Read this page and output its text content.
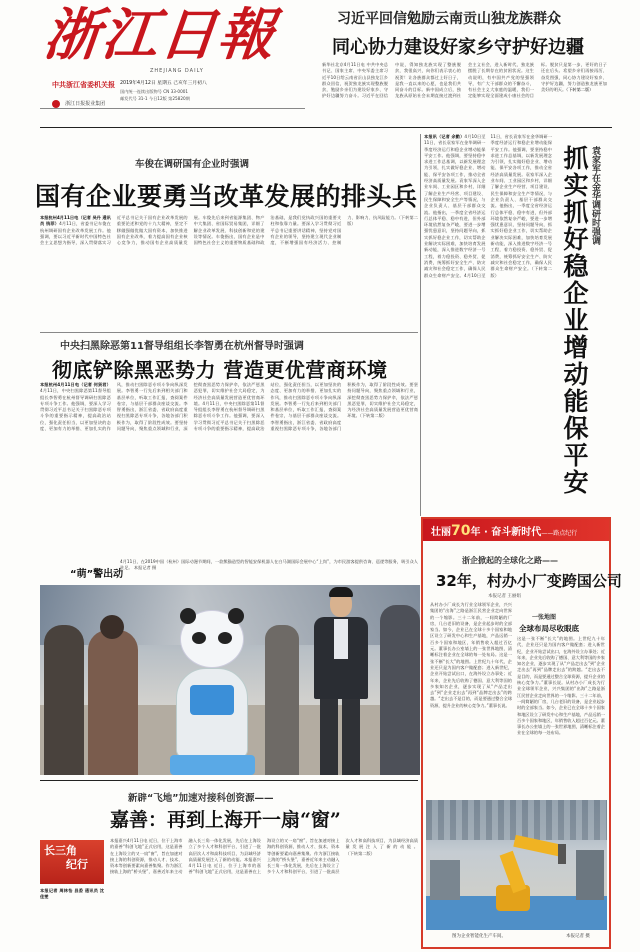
浙江日報
ZHEJIANG DAILY
中共浙江省委机关报
浙江日报报业集团
2019年4月12日 星期五 己亥年三月初八
国内统一连续出版物号 CN 33-0001
邮发代号 31-1 今日12版 第25820期
习近平回信勉励云南贡山独龙族群众
同心协力建设好家乡守护好边疆
新华社北京4月11日电 中共中央总书记、国家主席、中央军委主席习近平10日给云南省贡山县独龙江乡群众回信，祝贺独龙族实现整族脱贫，勉励乡亲们为建设好家乡、守护好边疆努力奋斗。习近平在回信中说，得知独龙族实现了整族脱贫，我很高兴，向你们表示衷心的祝贺！让各族群众都过上好日子，是我一直以来的心愿，也是我们共同奋斗的目标。新中国成立后，独龙族从原始社会末期直接过渡到社会主义社会，进入新时代，独龙族摆脱了长期存在的贫困状况。这生动说明，有中国共产党的坚强领导，有广大干部群众的不懈奋斗，有社会主义大家庭的温暖，我们一定能够实现全面建成小康社会的目标。脱贫只是第一步，更好的日子还在后头。希望乡亲们再接再厉、奋发图强，同心协力建设好家乡、守护好边疆，努力创造独龙族更加美好的明天。（下转第二版）
车俊在调研国有企业时强调
国有企业要勇当改革发展的排头兵
本报杭州4月11日电（记者 吴丹 通讯员 钱菲）4月11日，省委书记车俊在杭州调研国有企业改革发展工作。他强调，要以习近平新时代中国特色社会主义思想为指导，深入贯彻落实习近平总书记关于国有企业改革发展的重要论述和党的十九大精神，坚定不移做强做优做大国有资本，加快推进国有企业改革，着力提高国有企业核心竞争力，推动国有企业高质量发展。车俊先后来到省能源集团、物产中大集团、省国际贸易集团，详细了解企业改革发展、科技创新和党的建设等情况。车俊指出，国有企业是中国特色社会主义的重要物质基础和政治基础，是我们党执政兴国的重要支柱和依靠力量。要深入学习贯彻习近平总书记重要讲话精神，坚持党对国有企业的领导，坚持建立现代企业制度，不断增强国有经济活力、控制力、影响力、抗风险能力。（下转第二版）	袁家军在金华调研时强调
抓实抓好稳企业增动能保平安
本报讯（记者 余勤）4月10日至11日，省长袁家军在金华调研一季度经济运行和稳企业增动能保平安工作。他强调，要坚持稳中求进工作总基调，以新发展理念为引领，扎实做好稳企业、增动能、保平安各项工作，推动全省经济高质量发展。袁家军深入企业车间、工业园区和乡村，详细了解企业生产经营、项目建设、民生保障和安全生产等情况，与企业负责人、基层干部群众交流。他指出，一季度全省经济运行总体平稳、稳中有进，但外部环境依然复杂严峻，要进一步增强忧患意识，坚持问题导向，抓实抓好稳企业工作，切实帮助企业解决实际困难，加快培育发展新动能，深入推进数字经济一号工程，着力稳投资、稳外贸、促消费，统筹抓好安全生产、防灾减灾和社会稳定工作，确保人民群众生命财产安全。4月10日至11日，省长袁家军在金华调研一季度经济运行和稳企业增动能保平安工作。他强调，要坚持稳中求进工作总基调，以新发展理念为引领，扎实做好稳企业、增动能、保平安各项工作，推动全省经济高质量发展。袁家军深入企业车间、工业园区和乡村，详细了解企业生产经营、项目建设、民生保障和安全生产等情况，与企业负责人、基层干部群众交流。他指出，一季度全省经济运行总体平稳、稳中有进，但外部环境依然复杂严峻，要进一步增强忧患意识，坚持问题导向，抓实抓好稳企业工作，切实帮助企业解决实际困难，加快培育发展新动能，深入推进数字经济一号工程，着力稳投资、稳外贸、促消费，统筹抓好安全生产、防灾减灾和社会稳定工作，确保人民群众生命财产安全。（下转第二版）
中央扫黑除恶第11督导组组长李智勇在杭州督导时强调
彻底铲除黑恶势力 营造更优营商环境
本报杭州4月11日电（记者 何贤君）4月11日，中央扫黑除恶第11督导组组长李智勇在杭州督导调研扫黑除恶专项斗争工作。他强调，要深入学习贯彻习近平总书记关于扫黑除恶专项斗争的重要指示精神，提高政治站位，强化责任担当，以更加坚决的态度、更加有力的举措、更加扎实的作风，推动扫黑除恶专项斗争向纵深发展。李智勇一行先后来到相关部门和基层单位，听取工作汇报，查阅案件卷宗，与基层干部群众座谈交流。李智勇指出，浙江省委、省政府高度重视扫黑除恶专项斗争，各地各部门积极作为，取得了阶段性成效。要坚持问题导向，聚焦重点领域和行业，深挖彻查黑恶势力保护伞，依法严惩黑恶犯罪，切实维护社会大局稳定，为经济社会高质量发展营造更优营商环境。4月11日，中央扫黑除恶第11督导组组长李智勇在杭州督导调研扫黑除恶专项斗争工作。他强调，要深入学习贯彻习近平总书记关于扫黑除恶专项斗争的重要指示精神，提高政治站位，强化责任担当，以更加坚决的态度、更加有力的举措、更加扎实的作风，推动扫黑除恶专项斗争向纵深发展。李智勇一行先后来到相关部门和基层单位，听取工作汇报，查阅案件卷宗，与基层干部群众座谈交流。李智勇指出，浙江省委、省政府高度重视扫黑除恶专项斗争，各地各部门积极作为，取得了阶段性成效。要坚持问题导向，聚焦重点领域和行业，深挖彻查黑恶势力保护伞，依法严惩黑恶犯罪，切实维护社会大局稳定，为经济社会高质量发展营造更优营商环境。（下转第二版）
“萌”警出动
4月11日，在2019中国（杭州）国际动漫节期间，一款熊猫造型的智能安保机器人在白马湖国际会展中心“上岗”，为市民游客提供咨询、巡逻等服务，吸引众人驻足。 本报记者 摄
壮丽70年 · 奋斗新时代——路点纪行
浙企掀起的全球化之路——
32年，村办小厂变跨国公司
本报记者 王丽娟
从村办小厂成长为行业全球领军企业，兴兴集团的“出海”之路是浙江民营企业走向世界的一个缩影。三十二年前，一间简陋的厂房，几台老旧的设备，是企业起步时的全部家当。如今，企业已在全球十多个国家和地区设立了研发中心和生产基地，产品远销一百多个国家和地区，年销售收入超过百亿元。董事长办公室墙上的一张世界地图，清晰标注着企业在全球的每一处布局。这是一张不断“长大”的地图。上世纪九十年代，企业还只是为国内客户做配套；进入新世纪，企业开始尝试出口，在海外设立办事处；近年来，企业先后收购了德国、意大利等国的多家知名企业，逐步实现了从“产品走出去”到“企业走出去”再到“品牌走出去”的跨越。“走出去不是目的，而是要通过整合全球资源，提升企业的核心竞争力。”董事长说。
一张地图
全球布局尽收眼底
这是一张不断“长大”的地图。上世纪九十年代，企业还只是为国内客户做配套；进入新世纪，企业开始尝试出口，在海外设立办事处；近年来，企业先后收购了德国、意大利等国的多家知名企业，逐步实现了从“产品走出去”到“企业走出去”再到“品牌走出去”的跨越。“走出去不是目的，而是要通过整合全球资源，提升企业的核心竞争力。”董事长说。从村办小厂成长为行业全球领军企业，兴兴集团的“出海”之路是浙江民营企业走向世界的一个缩影。三十二年前，一间简陋的厂房，几台老旧的设备，是企业起步时的全部家当。如今，企业已在全球十多个国家和地区设立了研发中心和生产基地，产品远销一百多个国家和地区，年销售收入超过百亿元。董事长办公室墙上的一张世界地图，清晰标注着企业在全球的每一处布局。
图为企业智能化生产车间。	本报记者 摄
新辟“飞地”加速对接科创资源——
嘉善：再到上海开一扇“窗”
长三角
纪行
本报记者 周林怡 县委 通讯员 沈佳雯
本报嘉兴4月11日电 近日，位于上海市的嘉善“科创飞地”正式启用，这是嘉善在上海设立的又一扇“窗”，旨在加速对接上海的科创资源，推动人才、技术、资本等创新要素向嘉善集聚。作为浙江接轨上海的“桥头堡”，嘉善近年来主动融入长三角一体化发展，先后在上海设立了多个人才和科创平台，引进了一批高层次人才和高科技项目，为县域经济高质量发展注入了新的动能。本报嘉兴4月11日电 近日，位于上海市的嘉善“科创飞地”正式启用，这是嘉善在上海设立的又一扇“窗”，旨在加速对接上海的科创资源，推动人才、技术、资本等创新要素向嘉善集聚。作为浙江接轨上海的“桥头堡”，嘉善近年来主动融入长三角一体化发展，先后在上海设立了多个人才和科创平台，引进了一批高层次人才和高科技项目，为县域经济高质量发展注入了新的动能。（下转第二版）
